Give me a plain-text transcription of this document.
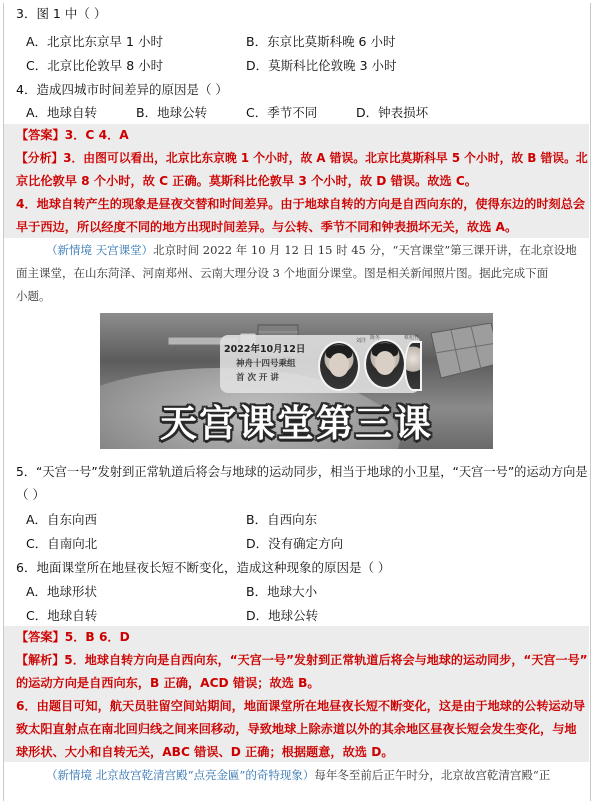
3．图 1 中（ ）
A．北京比东京早 1 小时	B．东京比莫斯科晚 6 小时
C．北京比伦敦早 8 小时	D．莫斯科比伦敦晚 3 小时
4．造成四城市时间差异的原因是（ ）
A．地球自转	B．地球公转	C．季节不同	D．钟表损坏
【答案】3．C 4．A
【分析】3．由图可以看出，北京比东京晚 1 个小时，故 A 错误。北京比莫斯科早 5 个小时，故 B 错误。北
京比伦敦早 8 个小时，故 C 正确。莫斯科比伦敦早 3 个小时，故 D 错误。故选 C。
4．地球自转产生的现象是昼夜交替和时间差异。由于地球自转的方向是自西向东的，使得东边的时刻总会
早于西边，所以经度不同的地方出现时间差异。与公转、季节不同和钟表损坏无关，故选 A。
（新情境 天宫课堂）北京时间 2022 年 10 月 12 日 15 时 45 分，“天宫课堂”第三课开讲，在北京设地
面主课堂，在山东菏泽、河南郑州、云南大理分设 3 个地面分课堂。图是相关新闻照片图。据此完成下面
小题。
2022年10月12日
神舟十四号乘组
首 次 开 讲
刘洋 陈冬	蔡旭哲
天宫课堂第三课
5．“天宫一号”发射到正常轨道后将会与地球的运动同步，相当于地球的小卫星，“天宫一号”的运动方向是
（ ）
A．自东向西	B．自西向东
C．自南向北	D．没有确定方向
6．地面课堂所在地昼夜长短不断变化，造成这种现象的原因是（ ）
A．地球形状	B．地球大小
C．地球自转	D．地球公转
【答案】5．B 6．D
【解析】5．地球自转方向是自西向东，“天宫一号”发射到正常轨道后将会与地球的运动同步，“天宫一号”
的运动方向是自西向东，B 正确，ACD 错误；故选 B。
6．由题目可知，航天员驻留空间站期间，地面课堂所在地昼夜长短不断变化，这是由于地球的公转运动导
致太阳直射点在南北回归线之间来回移动，导致地球上除赤道以外的其余地区昼夜长短会发生变化，与地
球形状、大小和自转无关，ABC 错误、D 正确；根据题意，故选 D。
（新情境 北京故宫乾清宫殿“点亮金匾”的奇特现象）每年冬至前后正午时分，北京故宫乾清宫殿“正
